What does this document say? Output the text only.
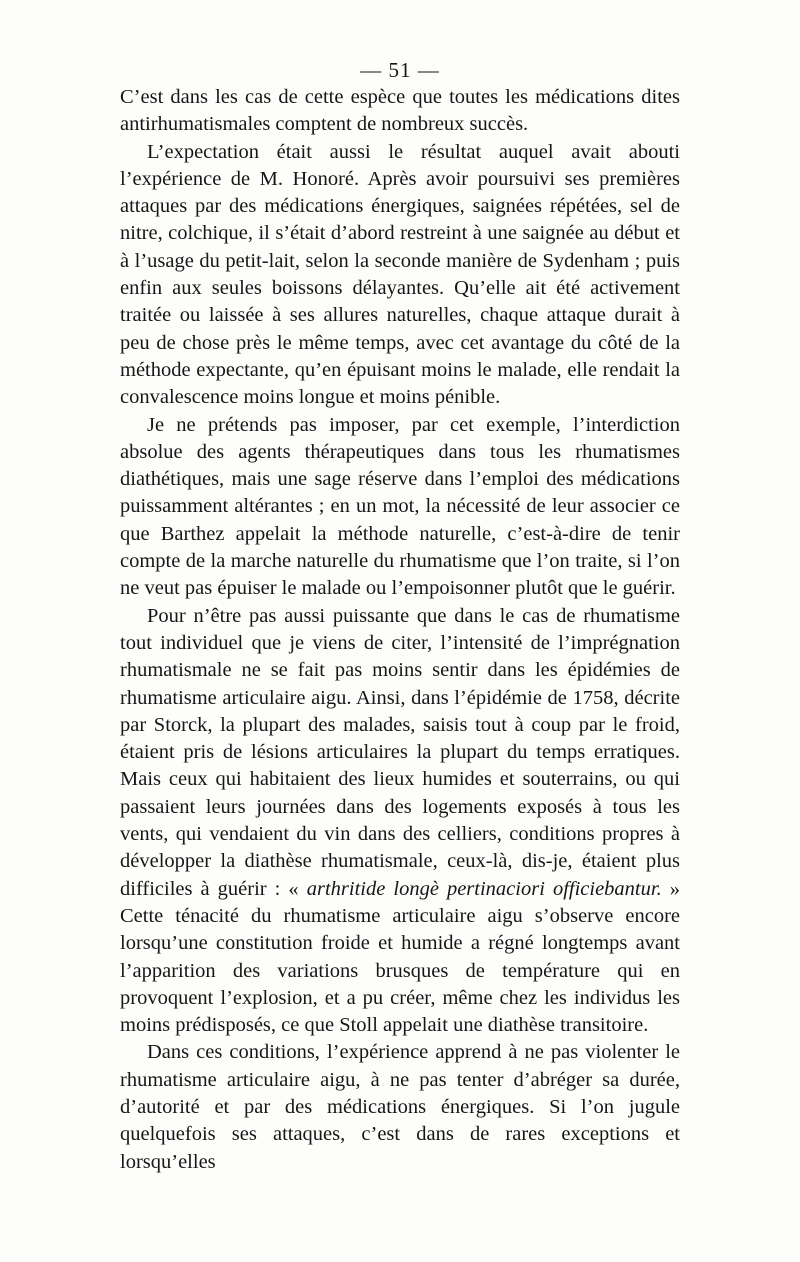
— 51 —

C’est dans les cas de cette espèce que toutes les médications dites antirhumatismales comptent de nombreux succès.

L’expectation était aussi le résultat auquel avait abouti l’expérience de M. Honoré. Après avoir poursuivi ses premières attaques par des médications énergiques, saignées répétées, sel de nitre, colchique, il s’était d’abord restreint à une saignée au début et à l’usage du petit-lait, selon la seconde manière de Sydenham ; puis enfin aux seules boissons délayantes. Qu’elle ait été activement traitée ou laissée à ses allures naturelles, chaque attaque durait à peu de chose près le même temps, avec cet avantage du côté de la méthode expectante, qu’en épuisant moins le malade, elle rendait la convalescence moins longue et moins pénible.

Je ne prétends pas imposer, par cet exemple, l’interdiction absolue des agents thérapeutiques dans tous les rhumatismes diathétiques, mais une sage réserve dans l’emploi des médications puissamment altérantes ; en un mot, la nécessité de leur associer ce que Barthez appelait la méthode naturelle, c’est-à-dire de tenir compte de la marche naturelle du rhumatisme que l’on traite, si l’on ne veut pas épuiser le malade ou l’empoisonner plutôt que le guérir.

Pour n’être pas aussi puissante que dans le cas de rhumatisme tout individuel que je viens de citer, l’intensité de l’imprégnation rhumatismale ne se fait pas moins sentir dans les épidémies de rhumatisme articulaire aigu. Ainsi, dans l’épidémie de 1758, décrite par Storck, la plupart des malades, saisis tout à coup par le froid, étaient pris de lésions articulaires la plupart du temps erratiques. Mais ceux qui habitaient des lieux humides et souterrains, ou qui passaient leurs journées dans des logements exposés à tous les vents, qui vendaient du vin dans des celliers, conditions propres à développer la diathèse rhumatismale, ceux-là, dis-je, étaient plus difficiles à guérir : « arthritide longè pertinaciori officiebantur. » Cette ténacité du rhumatisme articulaire aigu s’observe encore lorsqu’une constitution froide et humide a régné longtemps avant l’apparition des variations brusques de température qui en provoquent l’explosion, et a pu créer, même chez les individus les moins prédisposés, ce que Stoll appelait une diathèse transitoire.

Dans ces conditions, l’expérience apprend à ne pas violenter le rhumatisme articulaire aigu, à ne pas tenter d’abréger sa durée, d’autorité et par des médications énergiques. Si l’on jugule quelquefois ses attaques, c’est dans de rares exceptions et lorsqu’elles
